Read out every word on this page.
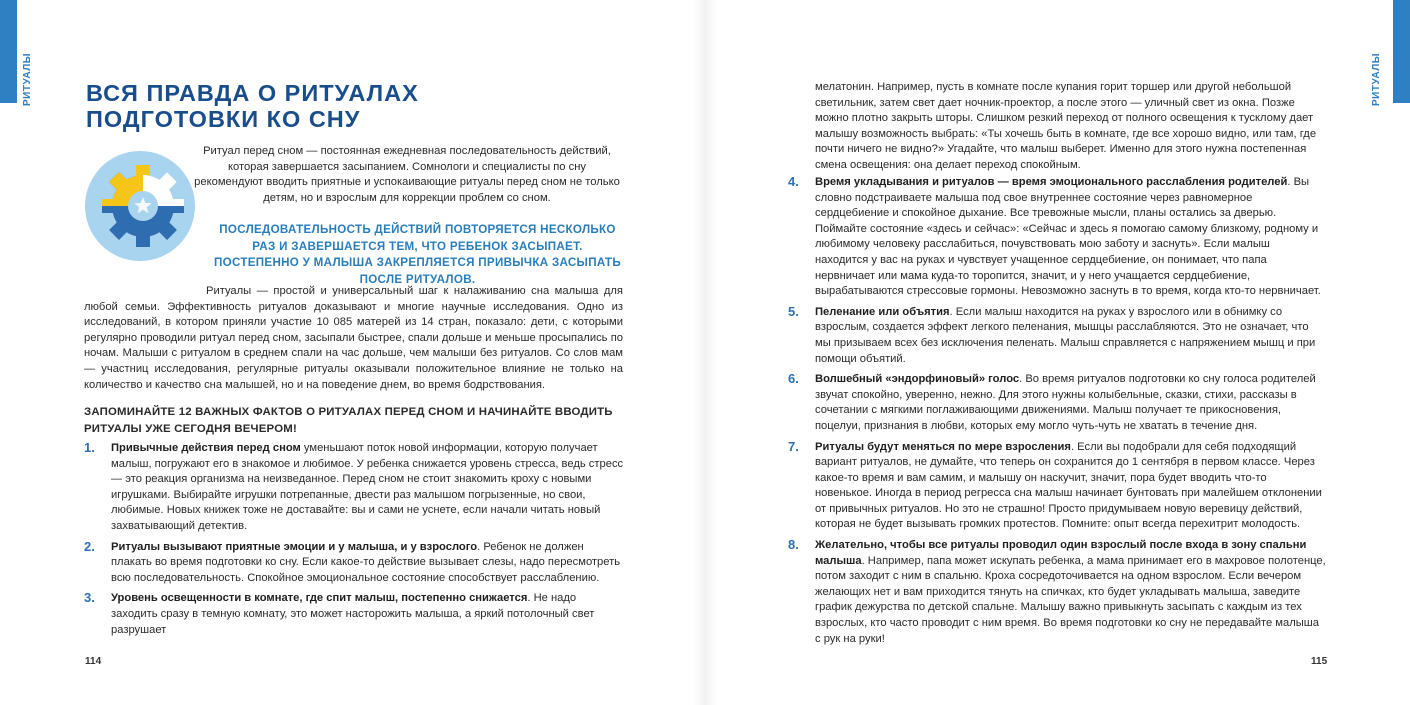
РИТУАЛЫ	РИТУАЛЫ
ВСЯ ПРАВДА О РИТУАЛАХ
ПОДГОТОВКИ КО СНУ

Ритуал перед сном — постоянная ежедневная последовательность действий, которая завершается засыпанием. Сомнологи и специалисты по сну рекомендуют вводить приятные и успокаивающие ритуалы перед сном не только детям, но и взрослым для коррекции проблем со сном.

ПОСЛЕДОВАТЕЛЬНОСТЬ ДЕЙСТВИЙ ПОВТОРЯЕТСЯ НЕСКОЛЬКО РАЗ И ЗАВЕРШАЕТСЯ ТЕМ, ЧТО РЕБЕНОК ЗАСЫПАЕТ. ПОСТЕПЕННО У МАЛЫША ЗАКРЕПЛЯЕТСЯ ПРИВЫЧКА ЗАСЫПАТЬ ПОСЛЕ РИТУАЛОВ.

Ритуалы — простой и универсальный шаг к налаживанию сна малыша для любой семьи. Эффективность ритуалов доказывают и многие научные исследования. Одно из исследований, в котором приняли участие 10 085 матерей из 14 стран, показало: дети, с которыми регулярно проводили ритуал перед сном, засыпали быстрее, спали дольше и меньше просыпались по ночам. Малыши с ритуалом в среднем спали на час дольше, чем малыши без ритуалов. Со слов мам — участниц исследования, регулярные ритуалы оказывали положительное влияние не только на количество и качество сна малышей, но и на поведение днем, во время бодрствования.

ЗАПОМИНАЙТЕ 12 ВАЖНЫХ ФАКТОВ О РИТУАЛАХ ПЕРЕД СНОМ И НАЧИНАЙТЕ ВВОДИТЬ РИТУАЛЫ УЖЕ СЕГОДНЯ ВЕЧЕРОМ!

1. Привычные действия перед сном уменьшают поток новой информации, которую получает малыш, погружают его в знакомое и любимое. У ребенка снижается уровень стресса, ведь стресс — это реакция организма на неизведанное. Перед сном не стоит знакомить кроху с новыми игрушками. Выбирайте игрушки потрепанные, двести раз малышом погрызенные, но свои, любимые. Новых книжек тоже не доставайте: вы и сами не уснете, если начали читать новый захватывающий детектив.
2. Ритуалы вызывают приятные эмоции и у малыша, и у взрослого. Ребенок не должен плакать во время подготовки ко сну. Если какое-то действие вызывает слезы, надо пересмотреть всю последовательность. Спокойное эмоциональное состояние способствует расслаблению.
3. Уровень освещенности в комнате, где спит малыш, постепенно снижается. Не надо заходить сразу в темную комнату, это может насторожить малыша, а яркий потолочный свет разрушает

мелатонин. Например, пусть в комнате после купания горит торшер или другой небольшой светильник, затем свет дает ночник-проектор, а после этого — уличный свет из окна. Позже можно плотно закрыть шторы. Слишком резкий переход от полного освещения к тусклому дает малышу возможность выбрать: «Ты хочешь быть в комнате, где все хорошо видно, или там, где почти ничего не видно?» Угадайте, что малыш выберет. Именно для этого нужна постепенная смена освещения: она делает переход спокойным.

4. Время укладывания и ритуалов — время эмоционального расслабления родителей. Вы словно подстраиваете малыша под свое внутреннее состояние через равномерное сердцебиение и спокойное дыхание. Все тревожные мысли, планы остались за дверью. Поймайте состояние «здесь и сейчас»: «Сейчас и здесь я помогаю самому близкому, родному и любимому человеку расслабиться, почувствовать мою заботу и заснуть». Если малыш находится у вас на руках и чувствует учащенное сердцебиение, он понимает, что папа нервничает или мама куда-то торопится, значит, и у него учащается сердцебиение, вырабатываются стрессовые гормоны. Невозможно заснуть в то время, когда кто-то нервничает.
5. Пеленание или объятия. Если малыш находится на руках у взрослого или в обнимку со взрослым, создается эффект легкого пеленания, мышцы расслабляются. Это не означает, что мы призываем всех без исключения пеленать. Малыш справляется с напряжением мышц и при помощи объятий.
6. Волшебный «эндорфиновый» голос. Во время ритуалов подготовки ко сну голоса родителей звучат спокойно, уверенно, нежно. Для этого нужны колыбельные, сказки, стихи, рассказы в сочетании с мягкими поглаживающими движениями. Малыш получает те прикосновения, поцелуи, признания в любви, которых ему могло чуть-чуть не хватать в течение дня.
7. Ритуалы будут меняться по мере взросления. Если вы подобрали для себя подходящий вариант ритуалов, не думайте, что теперь он сохранится до 1 сентября в первом классе. Через какое-то время и вам самим, и малышу он наскучит, значит, пора будет вводить что-то новенькое. Иногда в период регресса сна малыш начинает бунтовать при малейшем отклонении от привычных ритуалов. Но это не страшно! Просто придумываем новую веревицу действий, которая не будет вызывать громких протестов. Помните: опыт всегда перехитрит молодость.
8. Желательно, чтобы все ритуалы проводил один взрослый после входа в зону спальни малыша. Например, папа может искупать ребенка, а мама принимает его в махровое полотенце, потом заходит с ним в спальню. Кроха сосредоточивается на одном взрослом. Если вечером желающих нет и вам приходится тянуть на спичках, кто будет укладывать малыша, заведите график дежурства по детской спальне. Малышу важно привыкнуть засыпать с каждым из тех взрослых, кто часто проводит с ним время. Во время подготовки ко сну не передавайте малыша с рук на руки!
114	115
